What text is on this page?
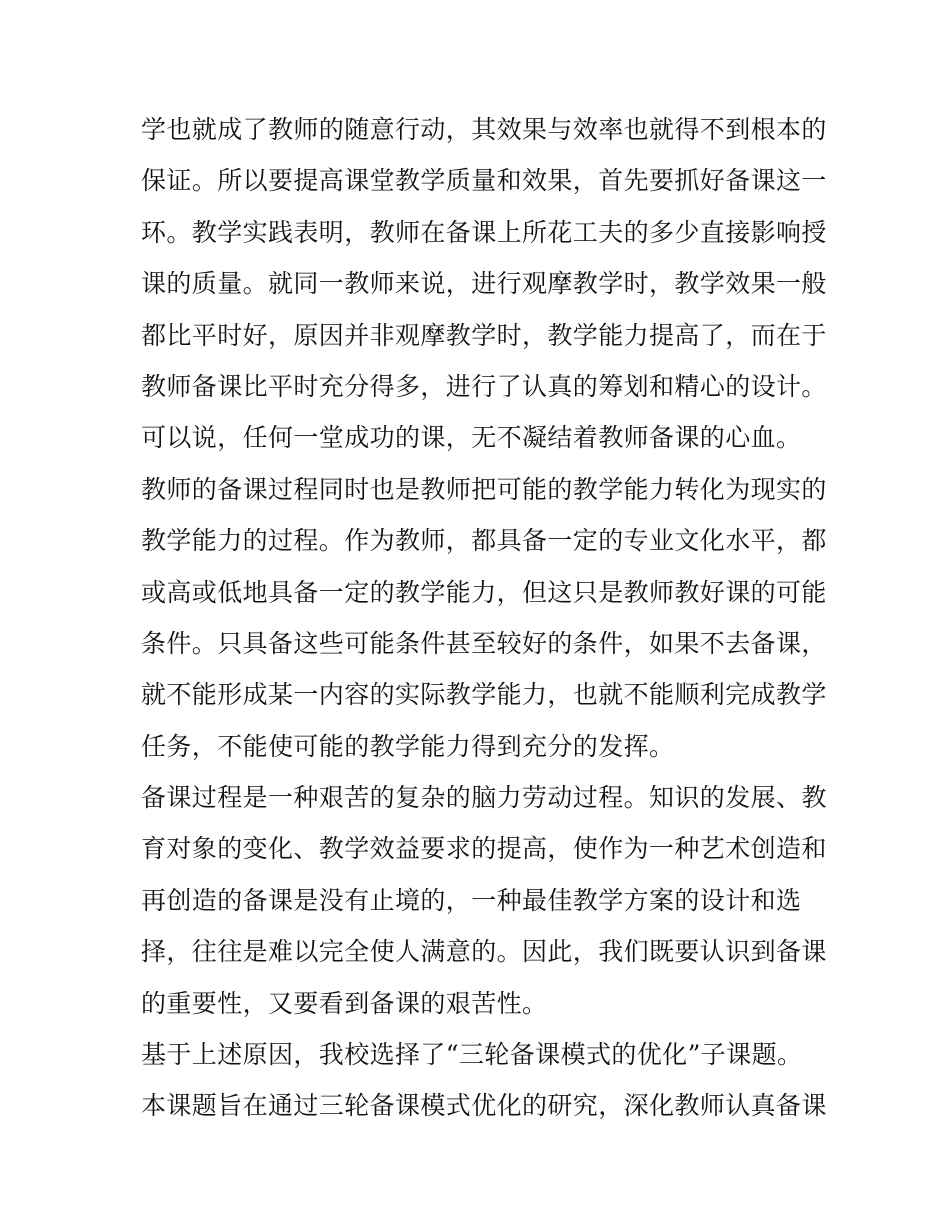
学也就成了教师的随意行动，其效果与效率也就得不到根本的
保证。所以要提高课堂教学质量和效果，首先要抓好备课这一
环。教学实践表明，教师在备课上所花工夫的多少直接影响授
课的质量。就同一教师来说，进行观摩教学时，教学效果一般
都比平时好，原因并非观摩教学时，教学能力提高了，而在于
教师备课比平时充分得多，进行了认真的筹划和精心的设计。
可以说，任何一堂成功的课，无不凝结着教师备课的心血。
教师的备课过程同时也是教师把可能的教学能力转化为现实的
教学能力的过程。作为教师，都具备一定的专业文化水平，都
或高或低地具备一定的教学能力，但这只是教师教好课的可能
条件。只具备这些可能条件甚至较好的条件，如果不去备课，
就不能形成某一内容的实际教学能力，也就不能顺利完成教学
任务，不能使可能的教学能力得到充分的发挥。
备课过程是一种艰苦的复杂的脑力劳动过程。知识的发展、教
育对象的变化、教学效益要求的提高，使作为一种艺术创造和
再创造的备课是没有止境的，一种最佳教学方案的设计和选
择，往往是难以完全使人满意的。因此，我们既要认识到备课
的重要性，又要看到备课的艰苦性。
基于上述原因，我校选择了“三轮备课模式的优化”子课题。
本课题旨在通过三轮备课模式优化的研究，深化教师认真备课
